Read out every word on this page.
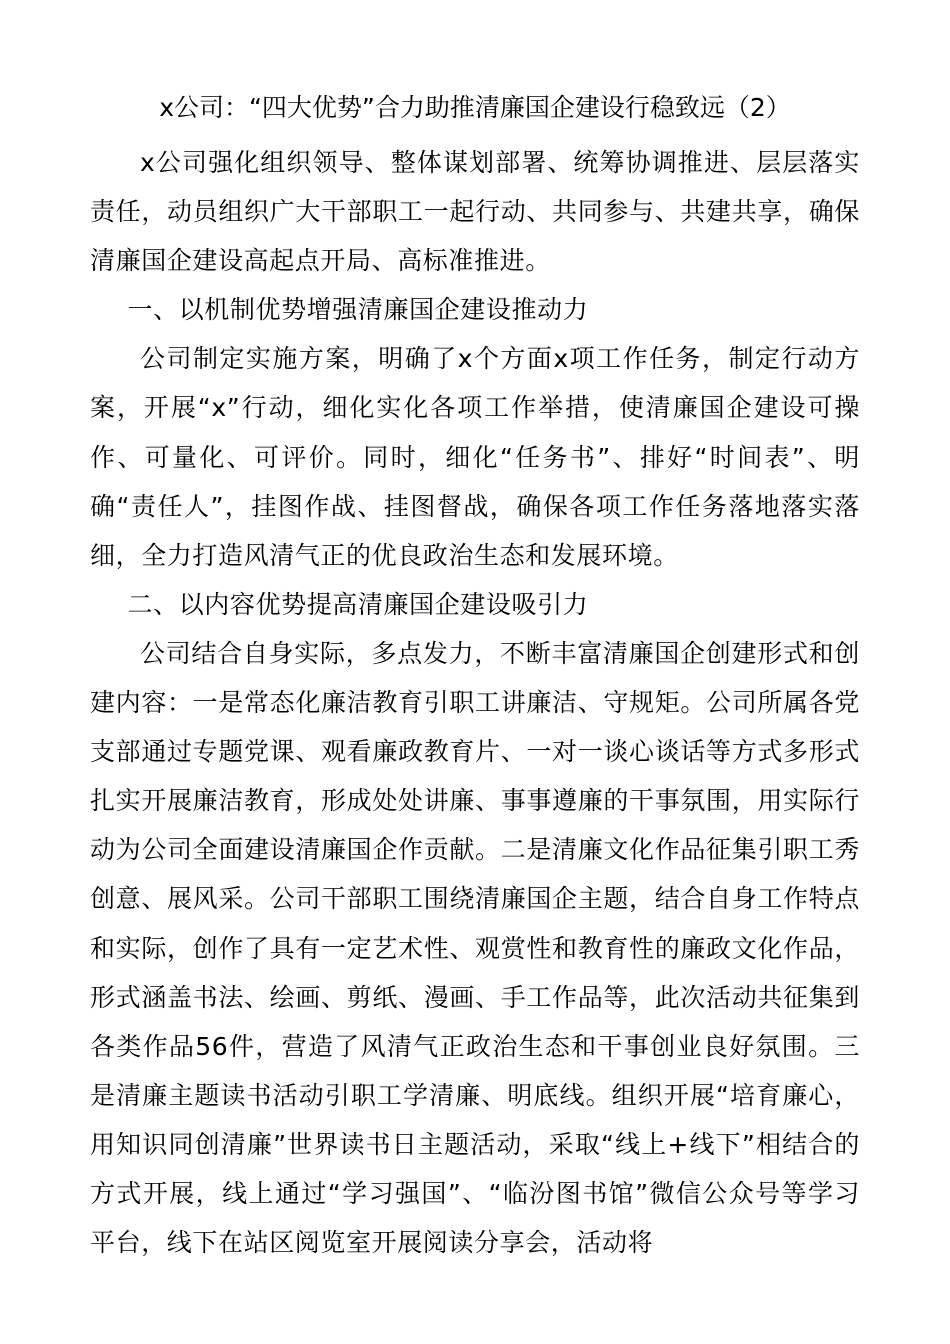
x公司：“四大优势”合力助推清廉国企建设行稳致远（2）

x公司强化组织领导、整体谋划部署、统筹协调推进、层层落实责任，动员组织广大干部职工一起行动、共同参与、共建共享，确保清廉国企建设高起点开局、高标准推进。

一、以机制优势增强清廉国企建设推动力

公司制定实施方案，明确了x个方面x项工作任务，制定行动方案，开展“x”行动，细化实化各项工作举措，使清廉国企建设可操作、可量化、可评价。同时，细化“任务书”、排好“时间表”、明确“责任人”，挂图作战、挂图督战，确保各项工作任务落地落实落细，全力打造风清气正的优良政治生态和发展环境。

二、以内容优势提高清廉国企建设吸引力

公司结合自身实际，多点发力，不断丰富清廉国企创建形式和创建内容：一是常态化廉洁教育引职工讲廉洁、守规矩。公司所属各党支部通过专题党课、观看廉政教育片、一对一谈心谈话等方式多形式扎实开展廉洁教育，形成处处讲廉、事事遵廉的干事氛围，用实际行动为公司全面建设清廉国企作贡献。二是清廉文化作品征集引职工秀创意、展风采。公司干部职工围绕清廉国企主题，结合自身工作特点和实际，创作了具有一定艺术性、观赏性和教育性的廉政文化作品，形式涵盖书法、绘画、剪纸、漫画、手工作品等，此次活动共征集到各类作品56件，营造了风清气正政治生态和干事创业良好氛围。三是清廉主题读书活动引职工学清廉、明底线。组织开展“培育廉心，用知识同创清廉”世界读书日主题活动，采取“线上+线下”相结合的方式开展，线上通过“学习强国”、“临汾图书馆”微信公众号等学习平台，线下在站区阅览室开展阅读分享会，活动将
